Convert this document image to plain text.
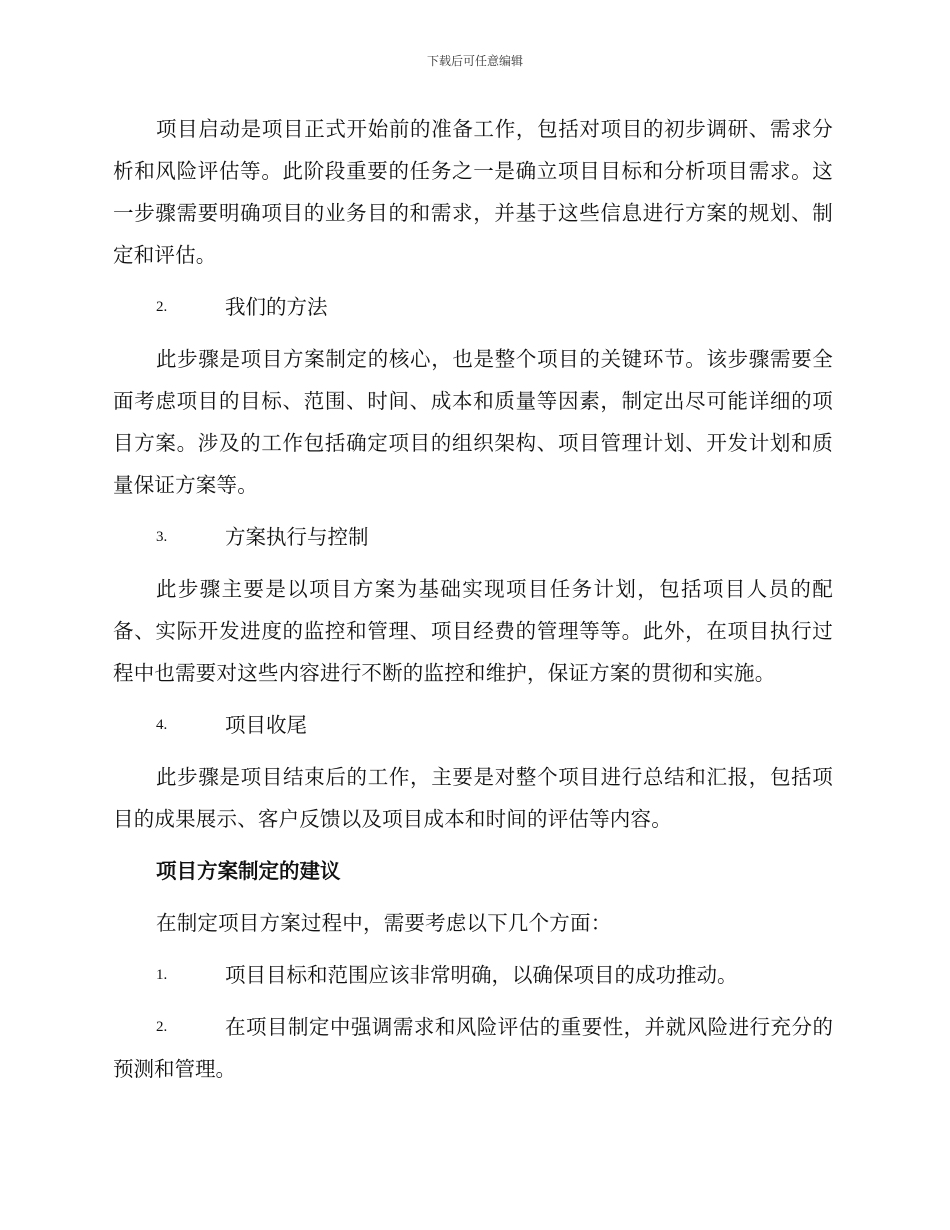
下载后可任意编辑

项目启动是项目正式开始前的准备工作，包括对项目的初步调研、需求分析和风险评估等。此阶段重要的任务之一是确立项目目标和分析项目需求。这一步骤需要明确项目的业务目的和需求，并基于这些信息进行方案的规划、制定和评估。

2.	我们的方法

此步骤是项目方案制定的核心，也是整个项目的关键环节。该步骤需要全面考虑项目的目标、范围、时间、成本和质量等因素，制定出尽可能详细的项目方案。涉及的工作包括确定项目的组织架构、项目管理计划、开发计划和质量保证方案等。

3.	方案执行与控制

此步骤主要是以项目方案为基础实现项目任务计划，包括项目人员的配备、实际开发进度的监控和管理、项目经费的管理等等。此外，在项目执行过程中也需要对这些内容进行不断的监控和维护，保证方案的贯彻和实施。

4.	项目收尾

此步骤是项目结束后的工作，主要是对整个项目进行总结和汇报，包括项目的成果展示、客户反馈以及项目成本和时间的评估等内容。

项目方案制定的建议

在制定项目方案过程中，需要考虑以下几个方面：

1.	项目目标和范围应该非常明确，以确保项目的成功推动。
2.	在项目制定中强调需求和风险评估的重要性，并就风险进行充分的预测和管理。
